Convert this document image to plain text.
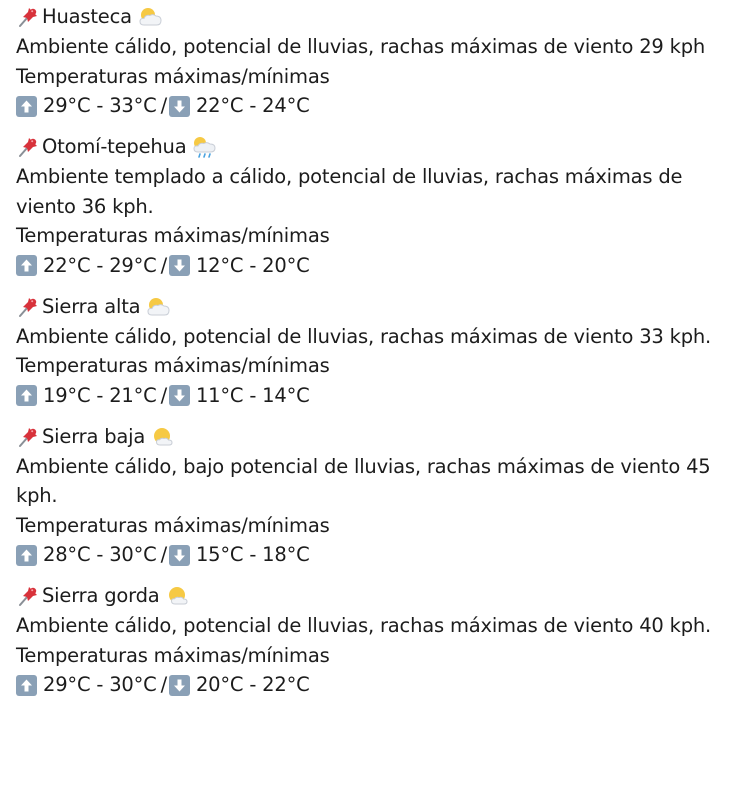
Huasteca

Ambiente cálido, potencial de lluvias, rachas máximas de viento 29 kph

Temperaturas máximas/mínimas
29°C - 33°C / 22°C - 24°C
Otomí-tepehua

Ambiente templado a cálido, potencial de lluvias, rachas máximas de viento 36 kph.

Temperaturas máximas/mínimas
22°C - 29°C / 12°C - 20°C
Sierra alta

Ambiente cálido, potencial de lluvias, rachas máximas de viento 33 kph.

Temperaturas máximas/mínimas
19°C - 21°C / 11°C - 14°C
Sierra baja

Ambiente cálido, bajo potencial de lluvias, rachas máximas de viento 45 kph.

Temperaturas máximas/mínimas
28°C - 30°C / 15°C - 18°C
Sierra gorda

Ambiente cálido, potencial de lluvias, rachas máximas de viento 40 kph.

Temperaturas máximas/mínimas
29°C - 30°C / 20°C - 22°C
